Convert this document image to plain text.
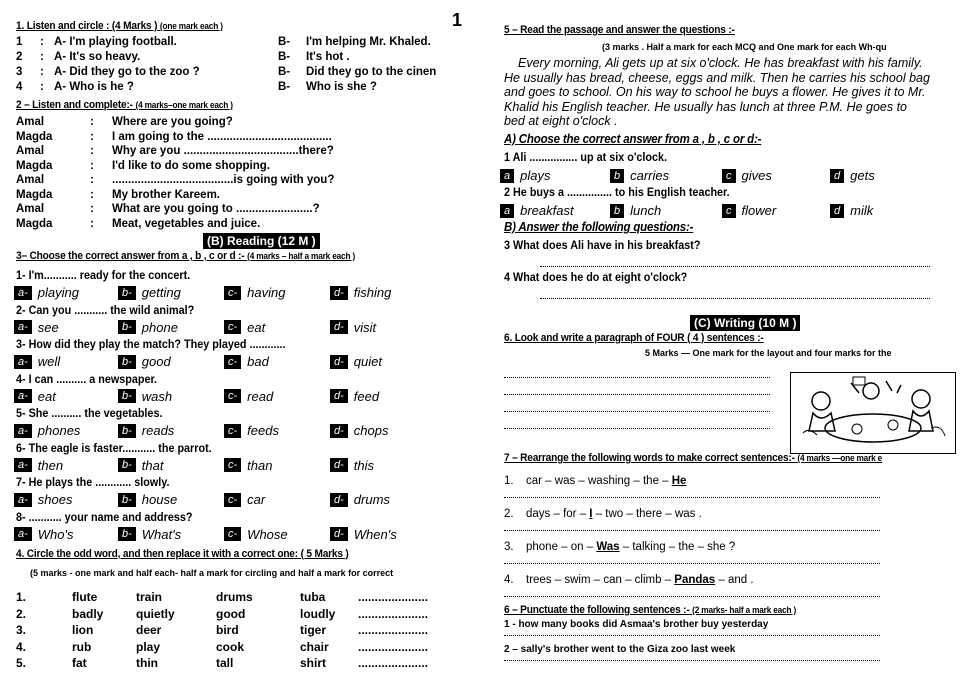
1
1. Listen and circle : (4 Marks ) (one mark each )
1 : A- I'm playing football.	B- I'm helping Mr. Khaled.
2 : A- It's so heavy.	B- It's hot .
3 : A- Did they go to the zoo ?	B- Did they go to the cinen
4 : A- Who is he ?	B- Who is she ?
2 – Listen and complete:- (4 marks–one mark each )
Amal	: Where are you going?
Magda	: I am going to the .......................................
Amal	: Why are you ....................................there?
Magda	: I'd like to do some shopping.
Amal	: ......................................is going with you?
Magda	: My brother Kareem.
Amal	: What are you going to ........................?
Magda	: Meat, vegetables and juice.
(B) Reading (12 M )
3– Choose the correct answer from a , b , c or d :- (4 marks – half a mark each )
1- I'm........... ready for the concert.
a- playing	b- getting	c- having	d- fishing
2- Can you ........... the wild animal?
a- see	b- phone	c- eat	d- visit
3- How did they play the match? They played ............
a- well	b- good	c- bad	d- quiet
4- I can .......... a newspaper.
a- eat	b- wash	c- read	d- feed
5- She .......... the vegetables.
a- phones	b- reads	c- feeds	d- chops
6- The eagle is faster........... the parrot.
a- then	b- that	c- than	d- this
7- He plays the ............ slowly.
a- shoes	b- house	c- car	d- drums
8- ........... your name and address?
a- Who's	b- What's	c- Whose	d- When's
4. Circle the odd word, and then replace it with a correct one: ( 5 Marks )
(5 marks - one mark and half each- half a mark for circling and half a mark for correct
1.	flute	train	drums	tuba	.....................
2.	badly	quietly	good	loudly .....................
3.	lion	deer	bird	tiger	.....................
4.	rub	play	cook	chair .....................
5.	fat	thin	tall	shirt	.....................
5 – Read the passage and answer the questions :-
(3 marks . Half a mark for each MCQ and One mark for each Wh-qu
Every morning, Ali gets up at six o'clock. He has breakfast with his family.
He usually has bread, cheese, eggs and milk. Then he carries his school bag
and goes to school. On his way to school he buys a flower. He gives it to Mr.
Khalid his English teacher. He usually has lunch at three P.M. He goes to
bed at eight o'clock .
A) Choose the correct answer from a , b , c or d:-
1 Ali ................ up at six o'clock.
a plays	b carries	c gives	d gets
2 He buys a ............... to his English teacher.
a breakfast	b lunch	c flower	d milk
B) Answer the following questions:-
3 What does Ali have in his breakfast?
4 What does he do at eight o'clock?
(C) Writing (10 M )
6. Look and write a paragraph of FOUR ( 4 ) sentences :-
5 Marks — One mark for the layout and four marks for the
7 – Rearrange the following words to make correct sentences:- (4 marks —one mark e
1. car – was – washing – the – He
2. days – for – I – two – there – was .
3. phone – on – Was – talking – the – she ?
4. trees – swim – can – climb – Pandas – and .
6 – Punctuate the following sentences :- (2 marks- half a mark each )
1 - how many books did Asmaa's brother buy yesterday
2 – sally's brother went to the Giza zoo last week
